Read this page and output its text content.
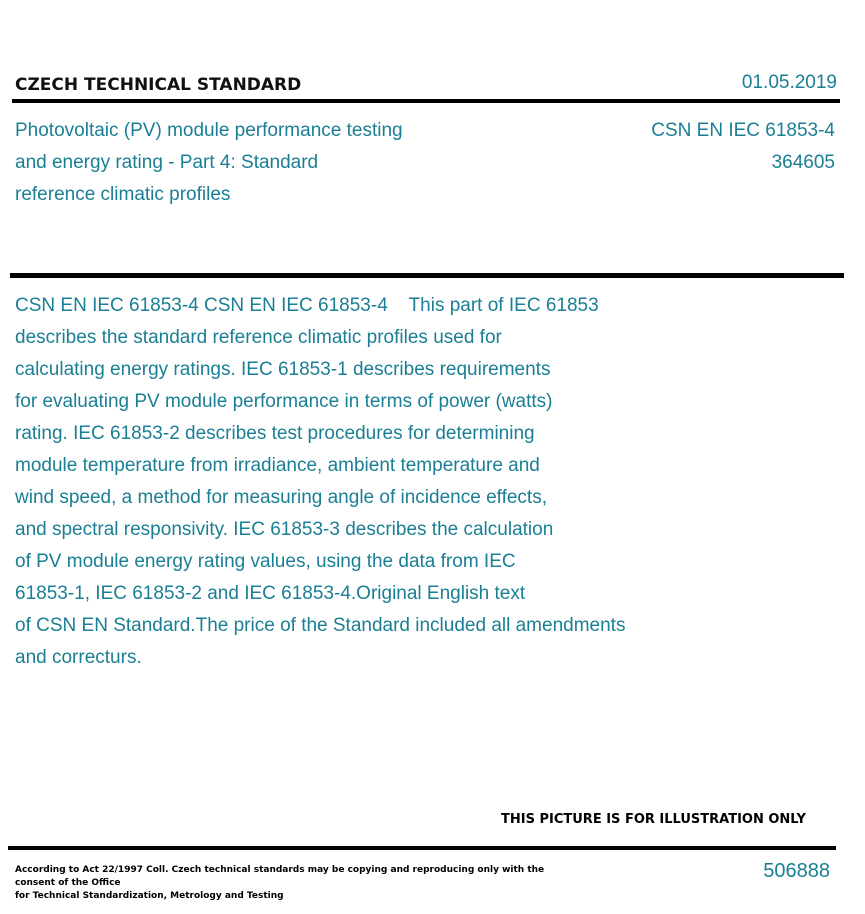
CZECH TECHNICAL STANDARD	01.05.2019
Photovoltaic (PV) module performance testing
and energy rating - Part 4: Standard
reference climatic profiles
CSN EN IEC 61853-4
364605

CSN EN IEC 61853-4 CSN EN IEC 61853-4    This part of IEC 61853

describes the standard reference climatic profiles used for

calculating energy ratings. IEC 61853-1 describes requirements

for evaluating PV module performance in terms of power (watts)

rating. IEC 61853-2 describes test procedures for determining

module temperature from irradiance, ambient temperature and

wind speed, a method for measuring angle of incidence effects,

and spectral responsivity. IEC 61853-3 describes the calculation

of PV module energy rating values, using the data from IEC

61853-1, IEC 61853-2 and IEC 61853-4.Original English text

of CSN EN Standard.The price of the Standard included all amendments

and correcturs.

THIS PICTURE IS FOR ILLUSTRATION ONLY
According to Act 22/1997 Coll. Czech technical standards may be copying and reproducing only with the consent of the Office
for Technical Standardization, Metrology and Testing
506888
